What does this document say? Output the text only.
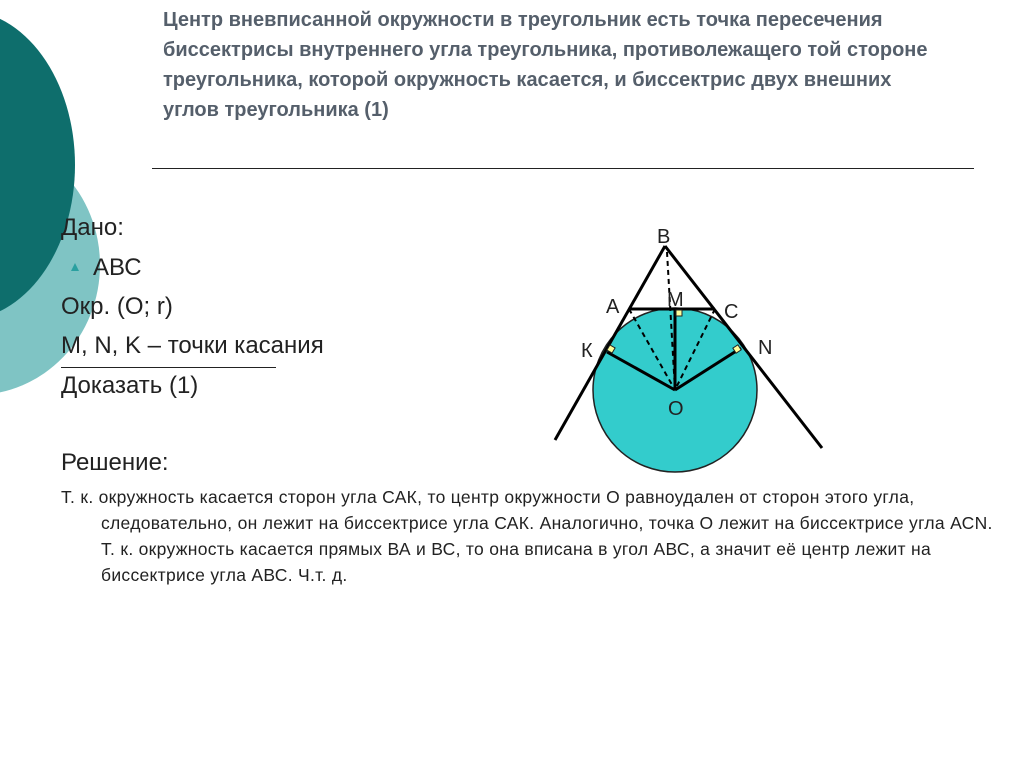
Центр вневписанной окружности в треугольник есть точка пересечения биссектрисы внутреннего угла треугольника, противолежащего той стороне треугольника, которой окружность касается, и биссектрис двух внешних углов треугольника (1)

Дано:

АВС

Окр. (О; r)

M, N, K – точки касания

Доказать (1)

Решение:

Т. к. окружность касается сторон угла САК, то центр окружности О равноудален от сторон этого угла, следовательно, он лежит на биссектрисе угла САК. Аналогично, точка О лежит на биссектрисе угла АСN. Т. к. окружность касается прямых ВА и ВС, то она вписана в угол АВС, а значит её центр лежит на биссектрисе угла АВС. Ч.т. д.

В
А М
С
К	N
О
